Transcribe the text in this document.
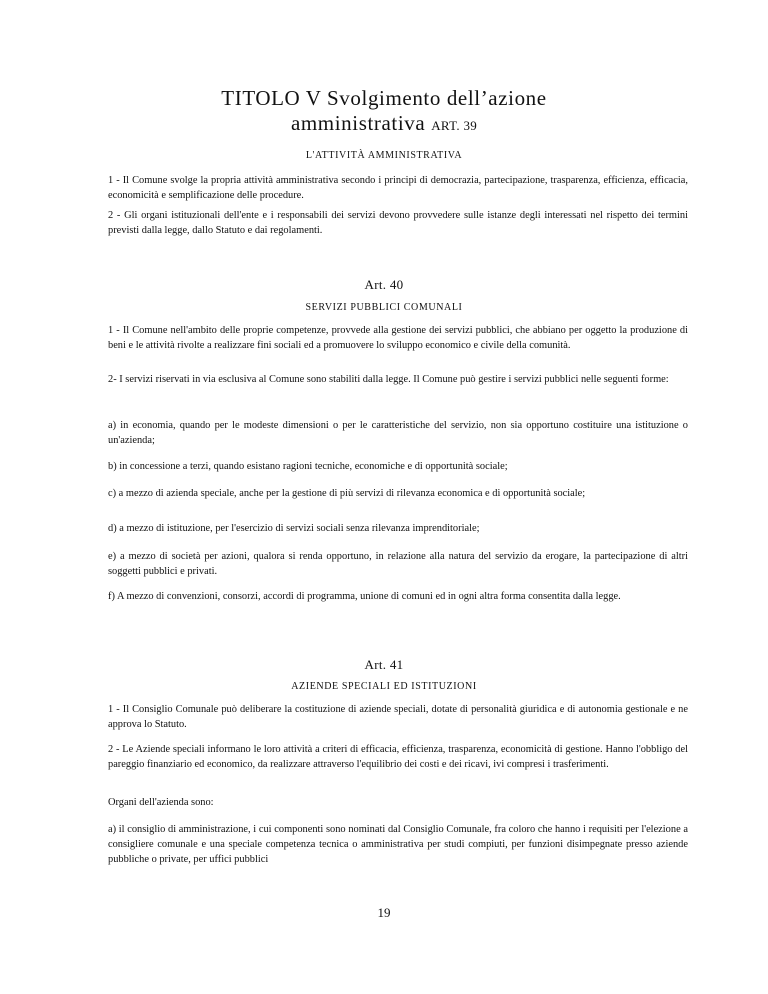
TITOLO V Svolgimento dell’azione
amministrativa ART. 39
L'ATTIVITÀ AMMINISTRATIVA
1 - Il Comune svolge la propria attività amministrativa secondo i principi di democrazia, partecipazione, trasparenza, efficienza, efficacia, economicità e semplificazione delle procedure.
2 - Gli organi istituzionali dell'ente e i responsabili dei servizi devono provvedere sulle istanze degli interessati nel rispetto dei termini previsti dalla legge, dallo Statuto e dai regolamenti.
Art. 40
SERVIZI PUBBLICI COMUNALI
1 - Il Comune nell'ambito delle proprie competenze, provvede alla gestione dei servizi pubblici, che abbiano per oggetto la produzione di beni e le attività rivolte a realizzare fini sociali ed a promuovere lo sviluppo economico e civile della comunità.
2- I servizi riservati in via esclusiva al Comune sono stabiliti dalla legge. Il Comune può gestire i servizi pubblici nelle seguenti forme:
a) in economia, quando per le modeste dimensioni o per le caratteristiche del servizio, non sia opportuno costituire una istituzione o un'azienda;
b) in concessione a terzi, quando esistano ragioni tecniche, economiche e di opportunità sociale;
c) a mezzo di azienda speciale, anche per la gestione di più servizi di rilevanza economica e di opportunità sociale;
d) a mezzo di istituzione, per l'esercizio di servizi sociali senza rilevanza imprenditoriale;
e) a mezzo di società per azioni, qualora si renda opportuno, in relazione alla natura del servizio da erogare, la partecipazione di altri soggetti pubblici e privati.
f) A mezzo di convenzioni, consorzi, accordi di programma, unione di comuni ed in ogni altra forma consentita dalla legge.
Art. 41
AZIENDE SPECIALI ED ISTITUZIONI
1 - Il Consiglio Comunale può deliberare la costituzione di aziende speciali, dotate di personalità giuridica e di autonomia gestionale e ne approva lo Statuto.
2 - Le Aziende speciali informano le loro attività a criteri di efficacia, efficienza, trasparenza, economicità di gestione. Hanno l'obbligo del pareggio finanziario ed economico, da realizzare attraverso l'equilibrio dei costi e dei ricavi, ivi compresi i trasferimenti.
Organi dell'azienda sono:
a) il consiglio di amministrazione, i cui componenti sono nominati dal Consiglio Comunale, fra coloro che hanno i requisiti per l'elezione a consigliere comunale e una speciale competenza tecnica o amministrativa per studi compiuti, per funzioni disimpegnate presso aziende pubbliche o private, per uffici pubblici
19
